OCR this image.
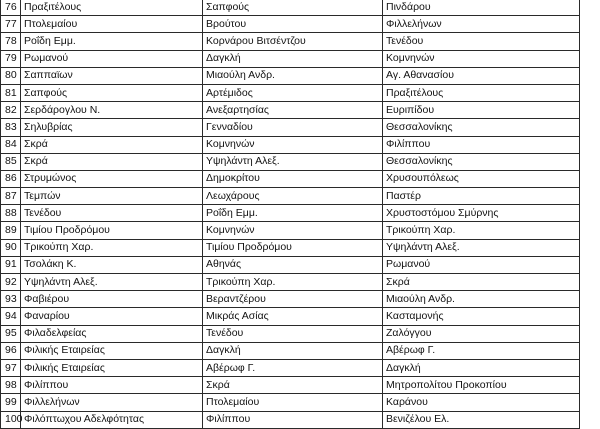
76	Πραξιτέλους	Σαπφούς	Πινδάρου
77	Πτολεμαίου	Βρούτου	Φιλλελήνων
78	Ροΐδη Εμμ.	Κορνάρου Βιτσέντζου	Τενέδου
79	Ρωμανού	Δαγκλή	Κομνηνών
80	Σαππαϊων	Μιαούλη Ανδρ.	Αγ. Αθανασίου
81	Σαπφούς	Αρτέμιδος	Πραξιτέλους
82	Σερδάρογλου Ν.	Ανεξαρτησίας	Ευριπίδου
83	Σηλυβρίας	Γενναδίου	Θεσσαλονίκης
84	Σκρά	Κομνηνών	Φιλίππου
85	Σκρά	Υψηλάντη Αλεξ.	Θεσσαλονίκης
86	Στρυμώνος	Δημοκρίτου	Χρυσουπόλεως
87	Τεμπών	Λεωχάρους	Παστέρ
88	Τενέδου	Ροΐδη Εμμ.	Χρυστοστόμου Σμύρνης
89	Τιμίου Προδρόμου	Κομνηνών	Τρικούπη Χαρ.
90	Τρικούπη Χαρ.	Τιμίου Προδρόμου	Υψηλάντη Αλεξ.
91	Τσολάκη Κ.	Αθηνάς	Ρωμανού
92	Υψηλάντη Αλεξ.	Τρικούπη Χαρ.	Σκρά
93	Φαβιέρου	Βεραντζέρου	Μιαούλη Ανδρ.
94	Φαναρίου	Μικράς Ασίας	Κασταμονής
95	Φιλαδελφείας	Τενέδου	Ζαλόγγου
96	Φιλικής Εταιρείας	Δαγκλή	Αβέρωφ Γ.
97	Φιλικής Εταιρείας	Αβέρωφ Γ.	Δαγκλή
98	Φιλίππου	Σκρά	Μητροπολίτου Προκοπίου
99	Φιλλελήνων	Πτολεμαίου	Καράνου
100	Φιλόπτωχου Αδελφότητας	Φιλίππου	Βενιζέλου Ελ.
